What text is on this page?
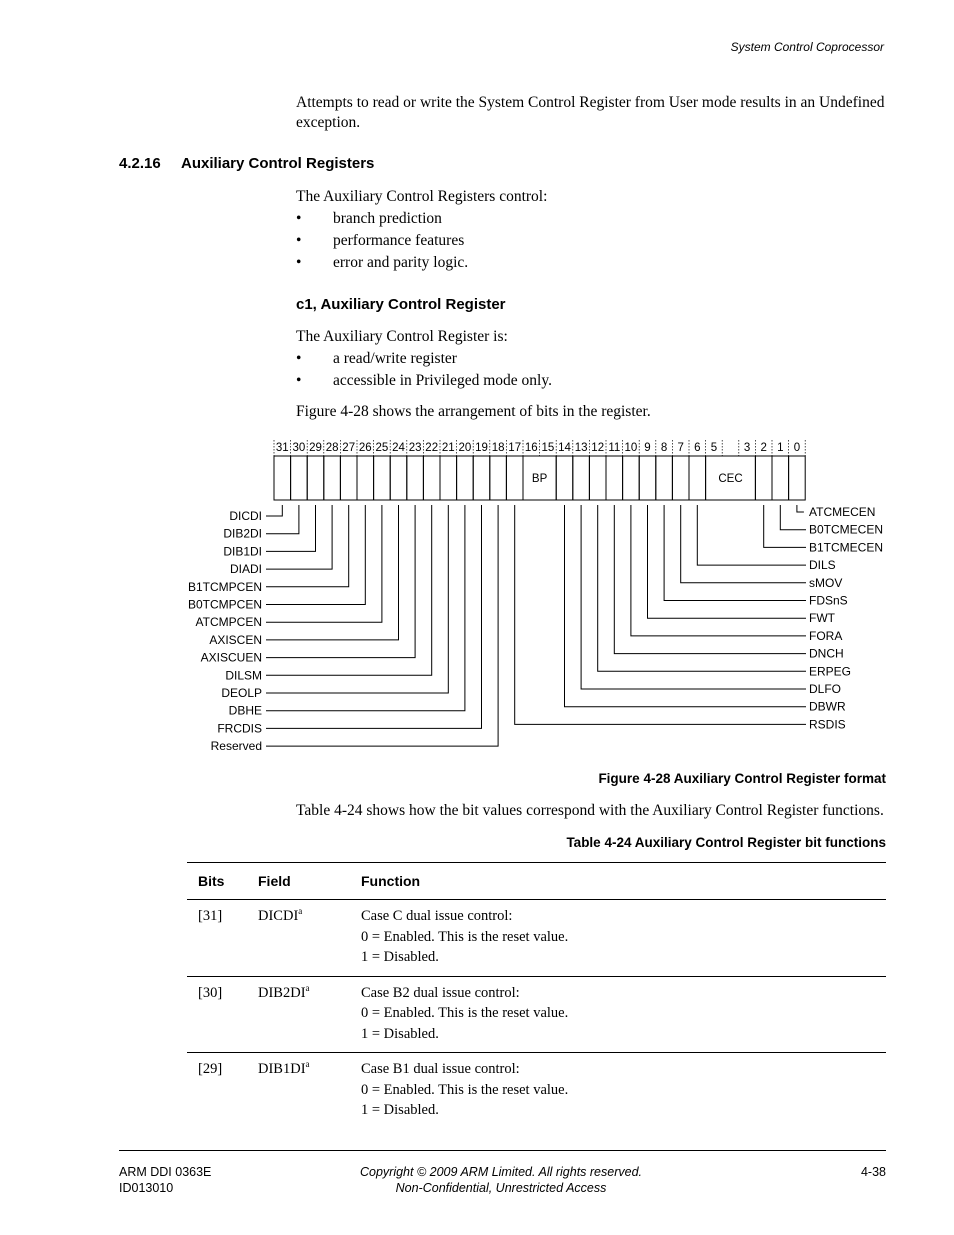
System Control Coprocessor
Attempts to read or write the System Control Register from User mode results in an Undefined
exception.
4.2.16 Auxiliary Control Registers
The Auxiliary Control Registers control:
• branch prediction
• performance features
• error and parity logic.
c1, Auxiliary Control Register
The Auxiliary Control Register is:
• a read/write register
• accessible in Privileged mode only.
Figure 4-28 shows the arrangement of bits in the register.
31 30 29 28 27 26 25 24 23 22 21 20 19 18 17 16 15 14 13 12 11 10 9 8 7 6 5 3 2 1 0
BP	CEC
DICDI
DIB2DI
DIB1DI
DIADI
B1TCMPCEN
B0TCMPCEN
ATCMPCEN
AXISCEN
AXISCUEN
DILSM
DEOLP
DBHE
FRCDIS
Reserved
ATCMECEN
B0TCMECEN
B1TCMECEN
DILS
sMOV
FDSnS
FWT
FORA
DNCH
ERPEG
DLFO
DBWR
RSDIS
Figure 4-28 Auxiliary Control Register format
Table 4-24 shows how the bit values correspond with the Auxiliary Control Register functions.
Table 4-24 Auxiliary Control Register bit functions
Bits	Field	Function
[31]	DICDI$^a$	Case C dual issue control:
0 = Enabled. This is the reset value.
1 = Disabled.

[30]	$DIB2DI^a$	Case B2 dual issue control:
0 = Enabled. This is the reset value.
1 = Disabled.

[29]	$DIB1DI^a$	Case B1 dual issue control:
0 = Enabled. This is the reset value.
1 = Disabled.
ARM DDI 0363E
ID013010
Copyright © 2009 ARM Limited. All rights reserved.
Non-Confidential, Unrestricted Access
4-38
